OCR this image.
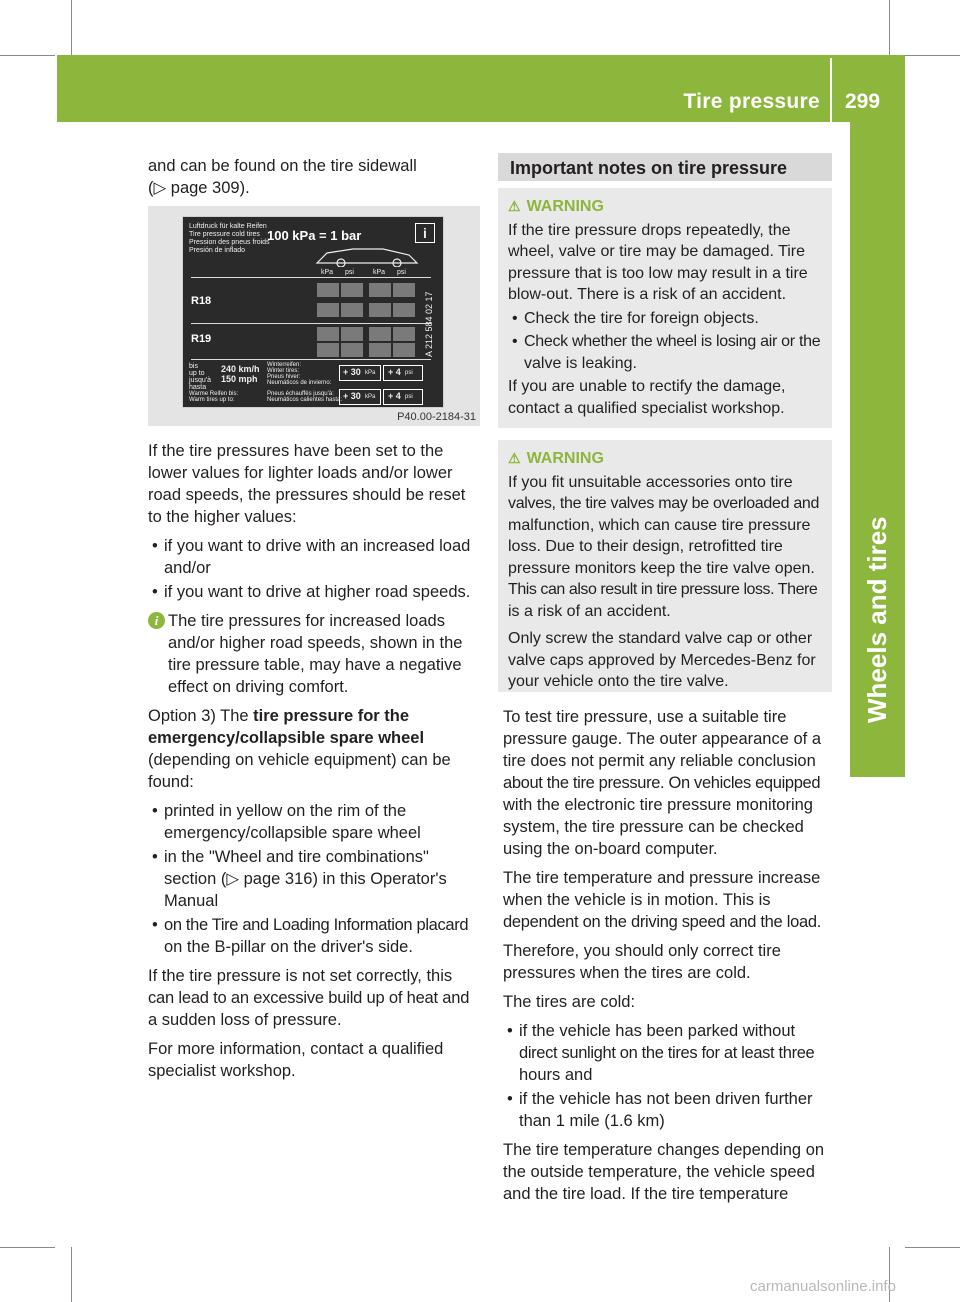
Tire pressure 299
Wheels and tires
and can be found on the tire sidewall
(▷ page 309).
Luftdruck für kalte Reifen
Tire pressure cold tires
Pression des pneus froids
Presión de inflado
100 kPa = 1 bar	i
kPa psi	kPa psi
R18
R19
bis
up to
jusqu'à
hasta
240 km/h
150 mph
Winterreifen:
Winter tires:
Pneus hiver:
Neumáticos de invierno:
Warme Reifen bis:
Warm tires up to:
Pneus échauffés jusqu'à:
Neumáticos calientes hasta:
+ 30 kPa + 4 psi
+ 30 kPa + 4 psi
A 212 584 02 17
P40.00-2184-31

If the tire pressures have been set to the
lower values for lighter loads and/or lower
road speeds, the pressures should be reset
to the higher values:

• if you want to drive with an increased load
and/or
• if you want to drive at higher road speeds.
i The tire pressures for increased loads
and/or higher road speeds, shown in the
tire pressure table, may have a negative
effect on driving comfort.

Option 3) The tire pressure for the
emergency/collapsible spare wheel
(depending on vehicle equipment) can be
found:

• printed in yellow on the rim of the
emergency/collapsible spare wheel
• in the "Wheel and tire combinations"
section (▷ page 316) in this Operator's
Manual
• on the Tire and Loading Information placard
on the B-pillar on the driver's side.

If the tire pressure is not set correctly, this
can lead to an excessive build up of heat and
a sudden loss of pressure.

For more information, contact a qualified
specialist workshop.

Important notes on tire pressure
⚠ WARNING

If the tire pressure drops repeatedly, the
wheel, valve or tire may be damaged. Tire
pressure that is too low may result in a tire
blow-out. There is a risk of an accident.

• Check the tire for foreign objects.
• Check whether the wheel is losing air or the
valve is leaking.

If you are unable to rectify the damage,
contact a qualified specialist workshop.

⚠ WARNING

If you fit unsuitable accessories onto tire
valves, the tire valves may be overloaded and
malfunction, which can cause tire pressure
loss. Due to their design, retrofitted tire
pressure monitors keep the tire valve open.
This can also result in tire pressure loss. There
is a risk of an accident.

Only screw the standard valve cap or other
valve caps approved by Mercedes-Benz for
your vehicle onto the tire valve.

To test tire pressure, use a suitable tire
pressure gauge. The outer appearance of a
tire does not permit any reliable conclusion
about the tire pressure. On vehicles equipped
with the electronic tire pressure monitoring
system, the tire pressure can be checked
using the on-board computer.

The tire temperature and pressure increase
when the vehicle is in motion. This is
dependent on the driving speed and the load.

Therefore, you should only correct tire
pressures when the tires are cold.

The tires are cold:

• if the vehicle has been parked without
direct sunlight on the tires for at least three
hours and
• if the vehicle has not been driven further
than 1 mile (1.6 km)

The tire temperature changes depending on
the outside temperature, the vehicle speed
and the tire load. If the tire temperature

carmanualsonline.info
